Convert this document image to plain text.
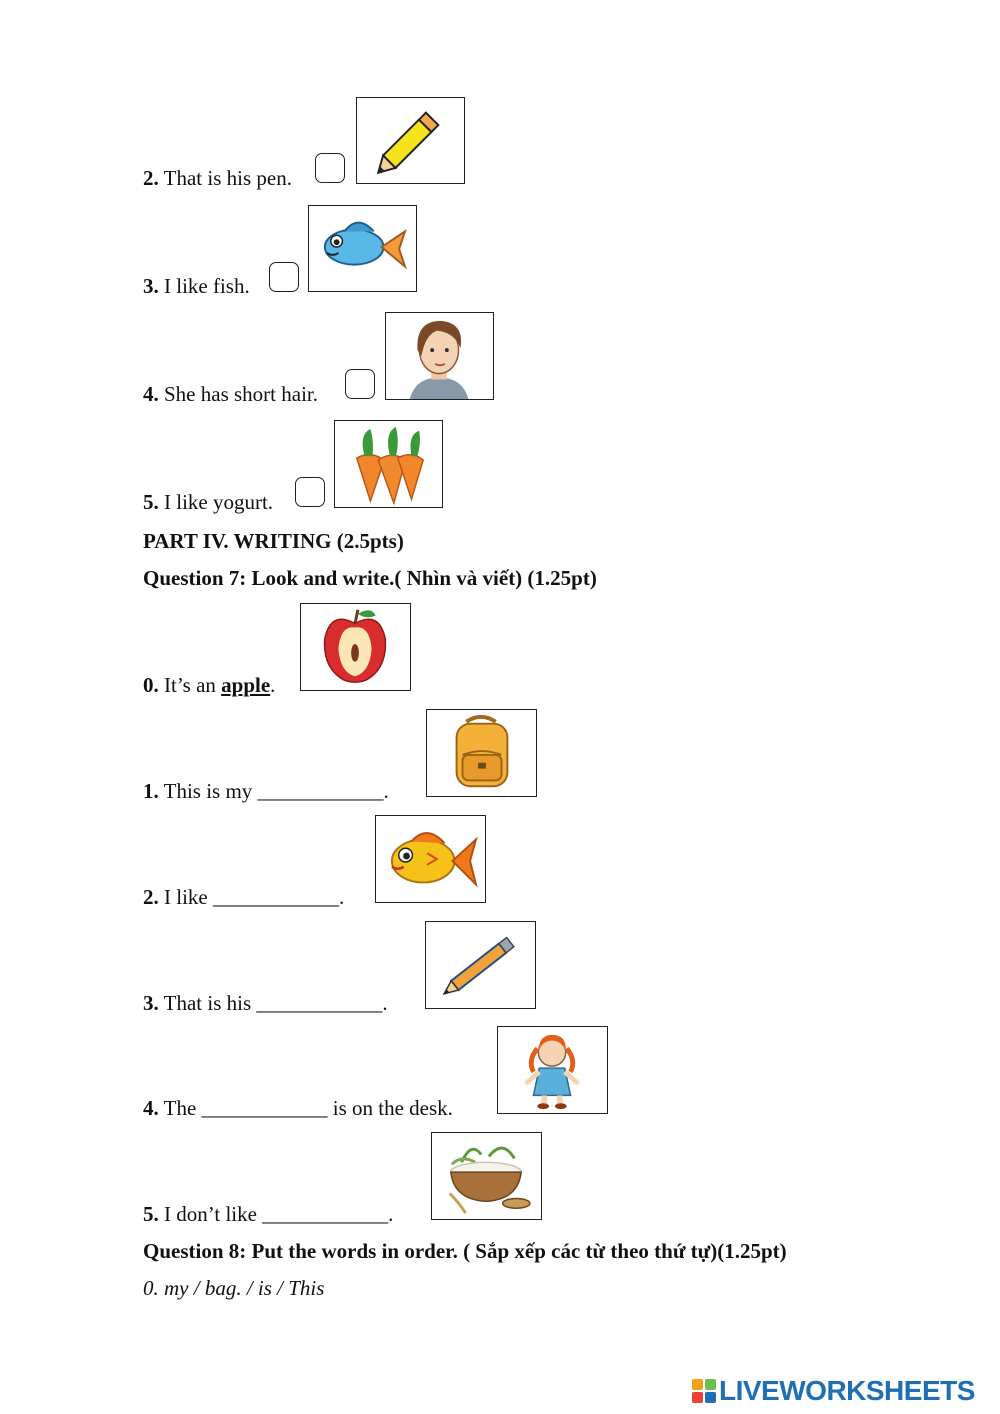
2. That is his pen.
3. I like fish.
4. She has short hair.
5. I like yogurt.
PART IV. WRITING (2.5pts)
Question 7: Look and write.( Nhìn và viết) (1.25pt)
0. It’s an apple.
1. This is my ____________.
2. I like ____________.
3. That is his ____________.
4. The ____________ is on the desk.
5. I don’t like ____________.
Question 8: Put the words in order. ( Sắp xếp các từ theo thứ tự)(1.25pt)
0. my / bag. / is / This
LIVEWORKSHEETS
